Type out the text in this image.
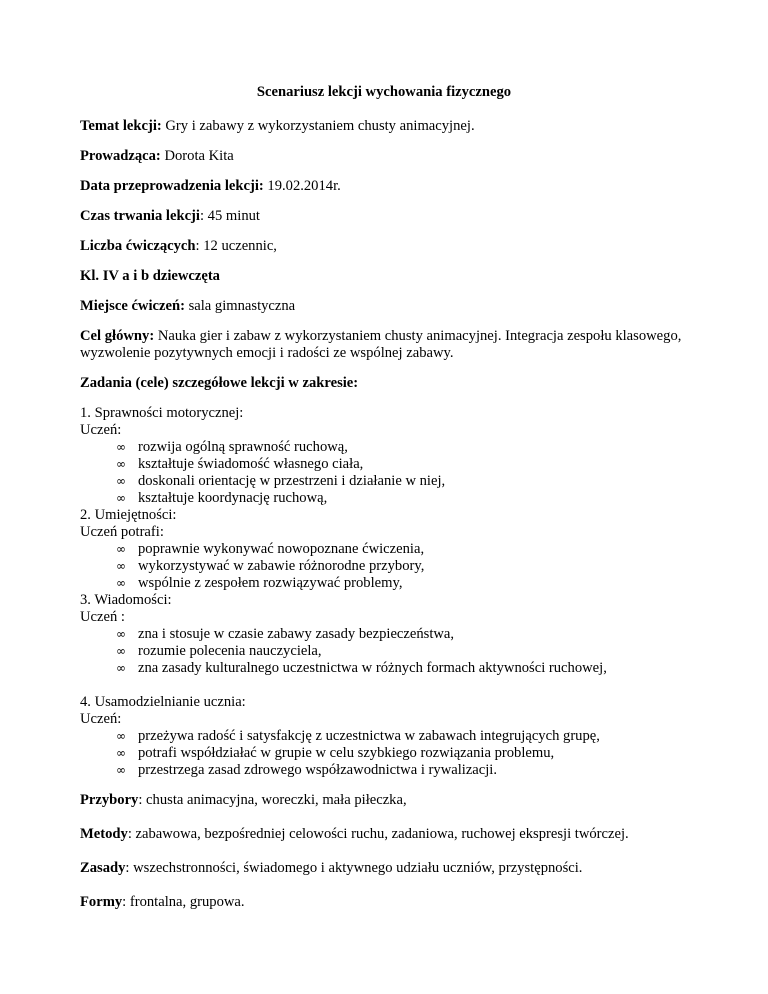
Scenariusz lekcji wychowania fizycznego

Temat lekcji: Gry i zabawy z wykorzystaniem chusty animacyjnej.

Prowadząca: Dorota Kita

Data przeprowadzenia lekcji: 19.02.2014r.

Czas trwania lekcji: 45 minut

Liczba ćwiczących: 12 uczennic,

Kl. IV a i b dziewczęta

Miejsce ćwiczeń: sala gimnastyczna

Cel główny: Nauka gier i zabaw z wykorzystaniem chusty animacyjnej. Integracja zespołu klasowego, wyzwolenie pozytywnych emocji i radości ze wspólnej zabawy.

Zadania (cele) szczegółowe lekcji w zakresie:

1. Sprawności motorycznej:
Uczeń:
∞ rozwija ogólną sprawność ruchową,
∞ kształtuje świadomość własnego ciała,
∞ doskonali orientację w przestrzeni i działanie w niej,
∞ kształtuje koordynację ruchową,
2. Umiejętności:
Uczeń potrafi:
∞ poprawnie wykonywać nowopoznane ćwiczenia,
∞ wykorzystywać w zabawie różnorodne przybory,
∞ wspólnie z zespołem rozwiązywać problemy,
3. Wiadomości:
Uczeń :
∞ zna i stosuje w czasie zabawy zasady bezpieczeństwa,
∞ rozumie polecenia nauczyciela,
∞ zna zasady kulturalnego uczestnictwa w różnych formach aktywności ruchowej,
4. Usamodzielnianie ucznia:
Uczeń:
∞ przeżywa radość i satysfakcję z uczestnictwa w zabawach integrujących grupę,
∞ potrafi współdziałać w grupie w celu szybkiego rozwiązania problemu,
∞ przestrzega zasad zdrowego współzawodnictwa i rywalizacji.

Przybory: chusta animacyjna, woreczki, mała piłeczka,

Metody: zabawowa, bezpośredniej celowości ruchu, zadaniowa, ruchowej ekspresji twórczej.

Zasady: wszechstronności, świadomego i aktywnego udziału uczniów, przystępności.

Formy: frontalna, grupowa.
